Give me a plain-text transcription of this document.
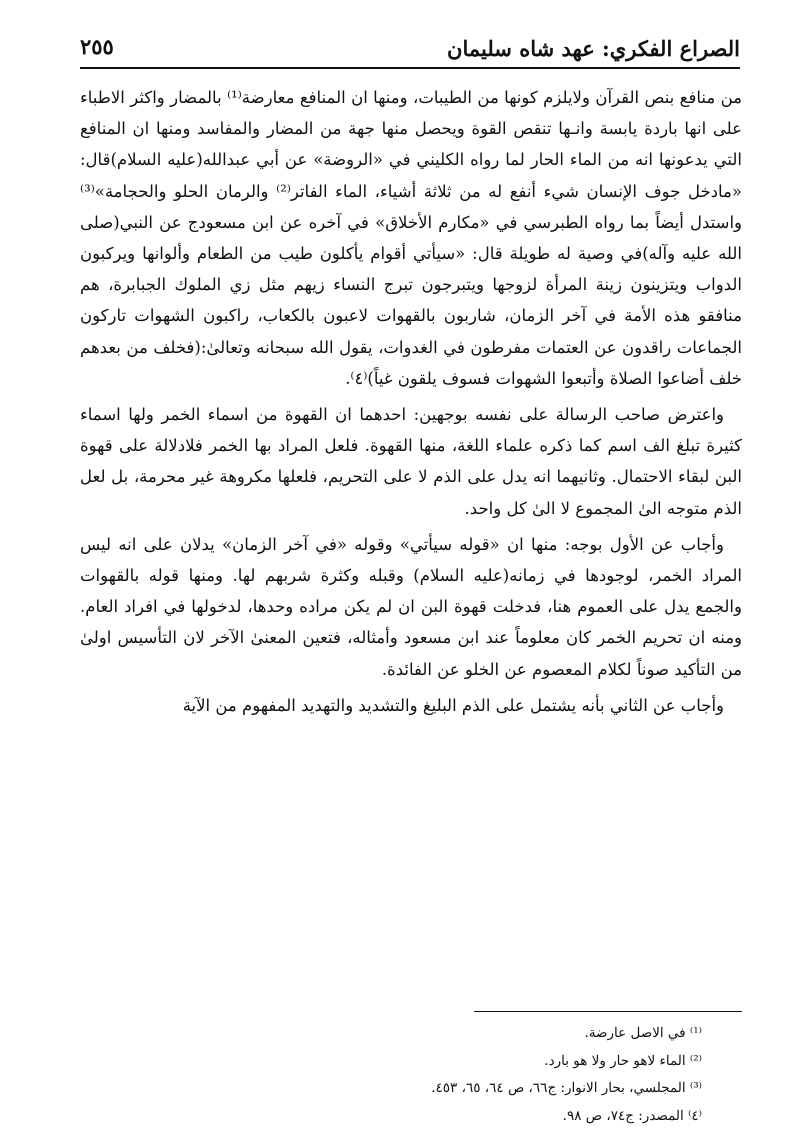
الصراع الفكري: عهد شاه سليمان
٢٥٥

من منافع بنص القرآن ولايلزم كونها من الطيبات، ومنها ان المنافع معارضة⁽¹⁾ بالمضار واكثر الاطباء على انها باردة يابسة وانـها تنقص القوة ويحصل منها جهة من المضار والمفاسد ومنها ان المنافع التي يدعونها انه من الماء الحار لما رواه الكليني في «الروضة» عن أبي عبدالله(عليه السلام)قال: «مادخل جوف الإنسان شيء أنفع له من ثلاثة أشياء، الماء الفاتر⁽²⁾ والرمان الحلو والحجامة»⁽³⁾ واستدل أيضاً بما رواه الطبرسي في «مكارم الأخلاق» في آخره عن ابن مسعودج عن النبي(صلى الله عليه وآله)في وصية له طويلة قال: «سيأتي أقوام يأكلون طيب من الطعام وألوانها ويركبون الدواب ويتزينون زينة المرأة لزوجها ويتبرجون تبرج النساء زيهم مثل زي الملوك الجبابرة، هم منافقو هذه الأمة في آخر الزمان، شاربون بالقهوات لاعبون بالكعاب، راكبون الشهوات تاركون الجماعات راقدون عن العتمات مفرطون في الغدوات، يقول الله سبحانه وتعالىٰ:(فخلف من بعدهم خلف أضاعوا الصلاة وأتبعوا الشهوات فسوف يلقون غياً)⁽٤⁾.

واعترض صاحب الرسالة على نفسه بوجهين: احدهما ان القهوة من اسماء الخمر ولها اسماء كثيرة تبلغ الف اسم كما ذكره علماء اللغة، منها القهوة. فلعل المراد بها الخمر فلادلالة على قهوة البن لبقاء الاحتمال. وثانيهما انه يدل على الذم لا على التحريم، فلعلها مكروهة غير محرمة، بل لعل الذم متوجه الىٰ المجموع لا الىٰ كل واحد.

وأجاب عن الأول بوجه: منها ان «قوله سيأتي» وقوله «في آخر الزمان» يدلان على انه ليس المراد الخمر، لوجودها في زمانه(عليه السلام) وقبله وكثرة شربهم لها. ومنها قوله بالقهوات والجمع يدل على العموم هنا، فدخلت قهوة البن ان لم يكن مراده وحدها، لدخولها في افراد العام. ومنه ان تحريم الخمر كان معلوماً عند ابن مسعود وأمثاله، فتعين المعنىٰ الآخر لان التأسيس اولىٰ من التأكيد صوناً لكلام المعصوم عن الخلو عن الفائدة.

وأجاب عن الثاني بأنه يشتمل على الذم البليغ والتشديد والتهديد المفهوم من الآية

⁽¹⁾ في الاصل عارضة.

⁽²⁾ الماء لاهو حار ولا هو بارد.

⁽³⁾ المجلسي، بحار الانوار: ج٦٦، ص ٦٤، ٦٥، ٤٥٣.

⁽٤⁾ المصدر: ج٧٤، ص ٩٨.
